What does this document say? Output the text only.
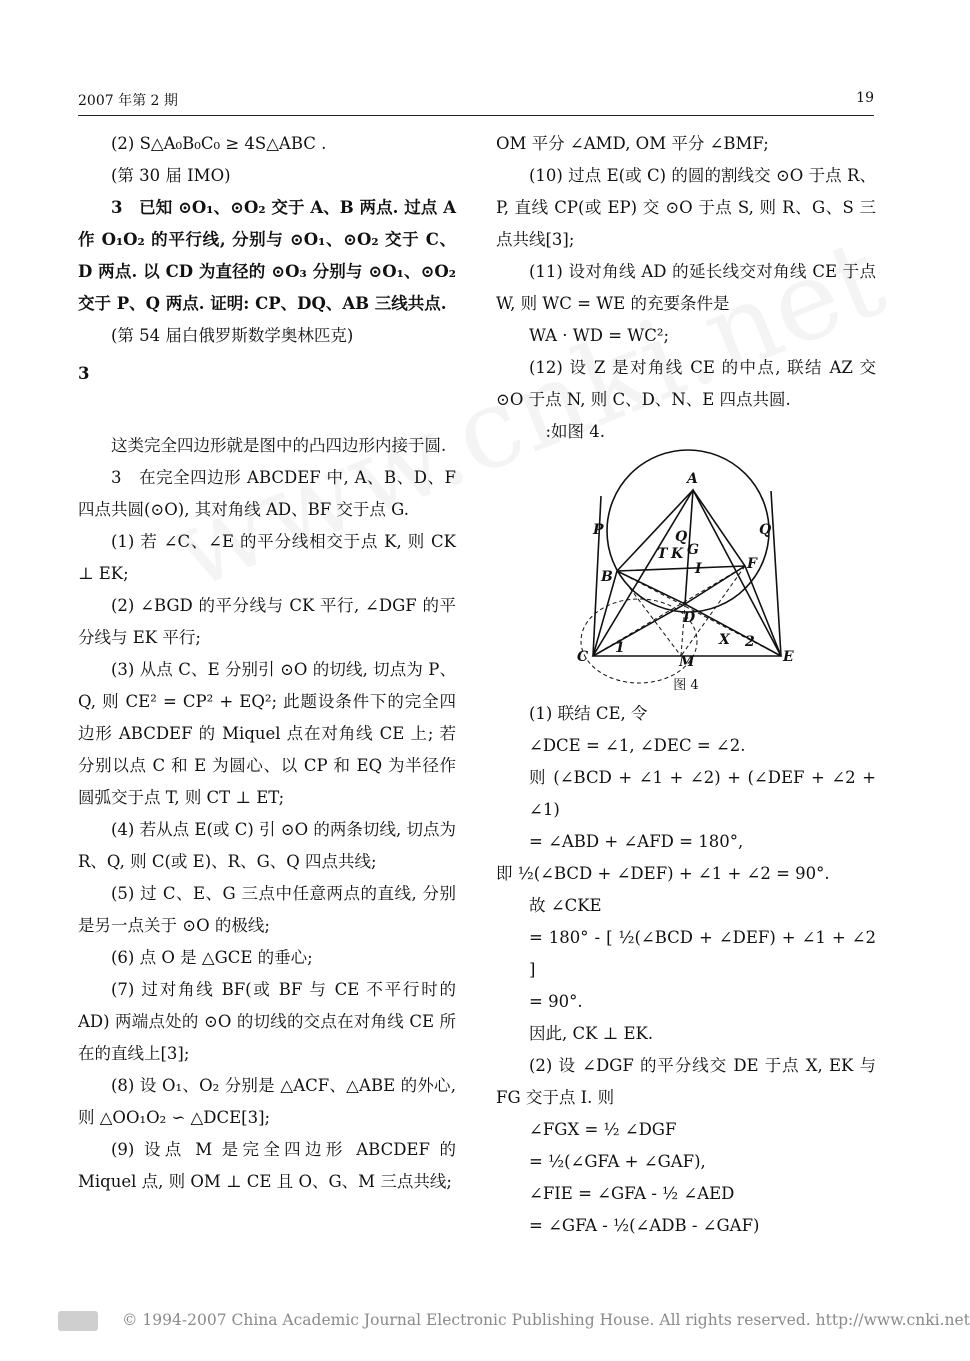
2007 年第 2 期	19

(2) S△A₀B₀C₀ ≥ 4S△ABC .

(第 30 届 IMO)

3　已知 ⊙O₁、⊙O₂ 交于 A、B 两点. 过点 A 作 O₁O₂ 的平行线, 分别与 ⊙O₁、⊙O₂ 交于 C、D 两点. 以 CD 为直径的 ⊙O₃ 分别与 ⊙O₁、⊙O₂ 交于 P、Q 两点. 证明: CP、DQ、AB 三线共点.

(第 54 届白俄罗斯数学奥林匹克)

3

这类完全四边形就是图中的凸四边形内接于圆.

3　在完全四边形 ABCDEF 中, A、B、D、F 四点共圆(⊙O), 其对角线 AD、BF 交于点 G.

(1) 若 ∠C、∠E 的平分线相交于点 K, 则 CK ⊥ EK;

(2) ∠BGD 的平分线与 CK 平行, ∠DGF 的平分线与 EK 平行;

(3) 从点 C、E 分别引 ⊙O 的切线, 切点为 P、Q, 则 CE² = CP² + EQ²; 此题设条件下的完全四边形 ABCDEF 的 Miquel 点在对角线 CE 上; 若分别以点 C 和 E 为圆心、以 CP 和 EQ 为半径作圆弧交于点 T, 则 CT ⊥ ET;

(4) 若从点 E(或 C) 引 ⊙O 的两条切线, 切点为 R、Q, 则 C(或 E)、R、G、Q 四点共线;

(5) 过 C、E、G 三点中任意两点的直线, 分别是另一点关于 ⊙O 的极线;

(6) 点 O 是 △GCE 的垂心;

(7) 过对角线 BF(或 BF 与 CE 不平行时的 AD) 两端点处的 ⊙O 的切线的交点在对角线 CE 所在的直线上[3];

(8) 设 O₁、O₂ 分别是 △ACF、△ABE 的外心, 则 △OO₁O₂ ∽ △DCE[3];

(9) 设点 M 是完全四边形 ABCDEF 的 Miquel 点, 则 OM ⊥ CE 且 O、G、M 三点共线;

OM 平分 ∠AMD, OM 平分 ∠BMF;

(10) 过点 E(或 C) 的圆的割线交 ⊙O 于点 R、P, 直线 CP(或 EP) 交 ⊙O 于点 S, 则 R、G、S 三点共线[3];

(11) 设对角线 AD 的延长线交对角线 CE 于点 W, 则 WC = WE 的充要条件是

WA · WD = WC²;

(12) 设 Z 是对角线 CE 的中点, 联结 AZ 交 ⊙O 于点 N, 则 C、D、N、E 四点共圆.

:如图 4.

A
P	Q
Q
T K G
I
B
F
D
X 2
1
C	M	E
图 4

(1) 联结 CE, 令

∠DCE = ∠1, ∠DEC = ∠2.

则 (∠BCD + ∠1 + ∠2) + (∠DEF + ∠2 + ∠1)

= ∠ABD + ∠AFD = 180°,

即 ½(∠BCD + ∠DEF) + ∠1 + ∠2 = 90°.

故 ∠CKE

= 180° - [ ½(∠BCD + ∠DEF) + ∠1 + ∠2 ]

= 90°.

因此, CK ⊥ EK.

(2) 设 ∠DGF 的平分线交 DE 于点 X, EK 与 FG 交于点 I. 则

∠FGX = ½ ∠DGF

= ½(∠GFA + ∠GAF),

∠FIE = ∠GFA - ½ ∠AED

= ∠GFA - ½(∠ADB - ∠GAF)

© 1994-2007 China Academic Journal Electronic Publishing House. All rights reserved. http://www.cnki.net
